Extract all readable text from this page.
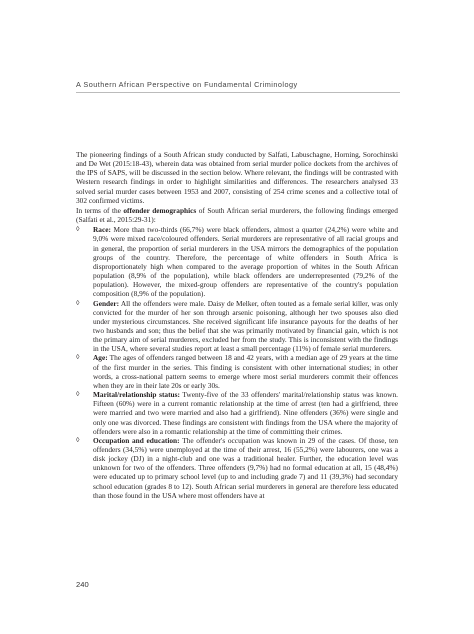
A Southern African Perspective on Fundamental Criminology

The pioneering findings of a South African study conducted by Salfati, Labuschagne, Horning, Sorochinski and De Wet (2015:18-43), wherein data was obtained from serial murder police dockets from the archives of the IPS of SAPS, will be discussed in the section below. Where relevant, the findings will be contrasted with Western research findings in order to highlight similarities and differences. The researchers analysed 33 solved serial murder cases between 1953 and 2007, consisting of 254 crime scenes and a collective total of 302 confirmed victims.

In terms of the offender demographics of South African serial murderers, the following findings emerged (Salfati et al., 2015:29-31):

◊ Race: More than two-thirds (66,7%) were black offenders, almost a quarter (24,2%) were white and 9,0% were mixed race/coloured offenders. Serial murderers are representative of all racial groups and in general, the proportion of serial murderers in the USA mirrors the demographics of the population groups of the country. Therefore, the percentage of white offenders in South Africa is disproportionately high when compared to the average proportion of whites in the South African population (8,9% of the population), while black offenders are underrepresented (79,2% of the population). However, the mixed-group offenders are representative of the country's population composition (8,9% of the population).
◊ Gender: All the offenders were male. Daisy de Melker, often touted as a female serial killer, was only convicted for the murder of her son through arsenic poisoning, although her two spouses also died under mysterious circumstances. She received significant life insurance payouts for the deaths of her two husbands and son; thus the belief that she was primarily motivated by financial gain, which is not the primary aim of serial murderers, excluded her from the study. This is inconsistent with the findings in the USA, where several studies report at least a small percentage (11%) of female serial murderers.
◊ Age: The ages of offenders ranged between 18 and 42 years, with a median age of 29 years at the time of the first murder in the series. This finding is consistent with other international studies; in other words, a cross-national pattern seems to emerge where most serial murderers commit their offences when they are in their late 20s or early 30s.
◊ Marital/relationship status: Twenty-five of the 33 offenders' marital/relationship status was known. Fifteen (60%) were in a current romantic relationship at the time of arrest (ten had a girlfriend, three were married and two were married and also had a girlfriend). Nine offenders (36%) were single and only one was divorced. These findings are consistent with findings from the USA where the majority of offenders were also in a romantic relationship at the time of committing their crimes.
◊ Occupation and education: The offender's occupation was known in 29 of the cases. Of those, ten offenders (34,5%) were unemployed at the time of their arrest, 16 (55,2%) were labourers, one was a disk jockey (DJ) in a night-club and one was a traditional healer. Further, the education level was unknown for two of the offenders. Three offenders (9,7%) had no formal education at all, 15 (48,4%) were educated up to primary school level (up to and including grade 7) and 11 (39,3%) had secondary school education (grades 8 to 12). South African serial murderers in general are therefore less educated than those found in the USA where most offenders have at
240
